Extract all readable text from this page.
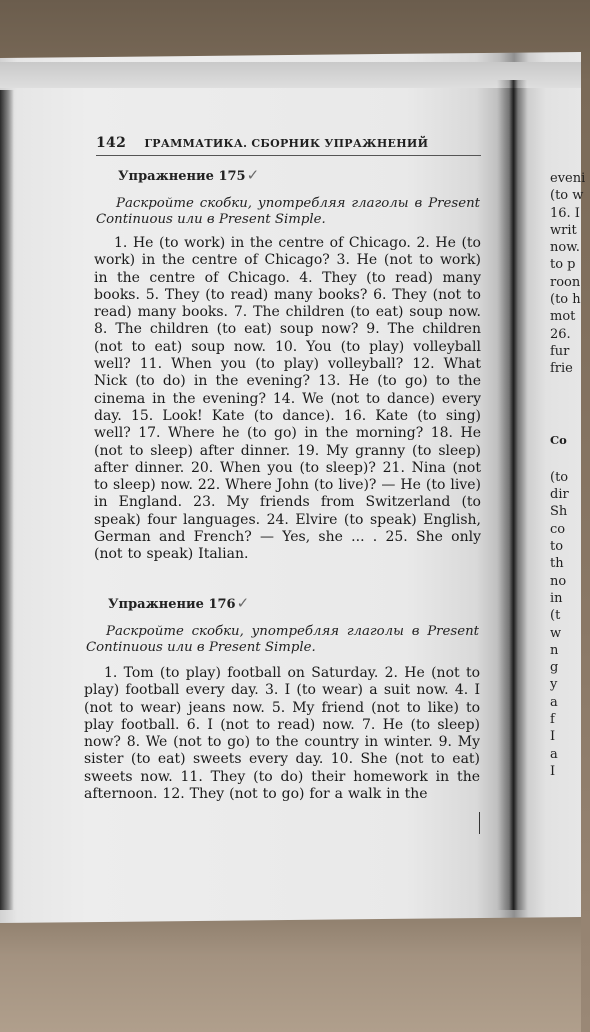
142 ГРАММАТИКА. СБОРНИК УПРАЖНЕНИЙ
Упражнение 175✓
Раскройте скобки, употребляя глаголы в Present Continuous или в Present Simple.
1. He (to work) in the centre of Chicago. 2. He (to work) in the centre of Chicago? 3. He (not to work) in the centre of Chicago. 4. They (to read) many books. 5. They (to read) many books? 6. They (not to read) many books. 7. The children (to eat) soup now. 8. The children (to eat) soup now? 9. The children (not to eat) soup now. 10. You (to play) volleyball well? 11. When you (to play) volleyball? 12. What Nick (to do) in the evening? 13. He (to go) to the cinema in the evening? 14. We (not to dance) every day. 15. Look! Kate (to dance). 16. Kate (to sing) well? 17. Where he (to go) in the morning? 18. He (not to sleep) after dinner. 19. My granny (to sleep) after dinner. 20. When you (to sleep)? 21. Nina (not to sleep) now. 22. Where John (to live)? — He (to live) in England. 23. My friends from Switzerland (to speak) four languages. 24. Elvire (to speak) English, German and French? — Yes, she ... . 25. She only (not to speak) Italian.
Упражнение 176✓
Раскройте скобки, употребляя глаголы в Present Continuous или в Present Simple.
1. Tom (to play) football on Saturday. 2. He (not to play) football every day. 3. I (to wear) a suit now. 4. I (not to wear) jeans now. 5. My friend (not to like) to play football. 6. I (not to read) now. 7. He (to sleep) now? 8. We (not to go) to the country in winter. 9. My sister (to eat) sweets every day. 10. She (not to eat) sweets now. 11. They (to do) their homework in the afternoon. 12. They (not to go) for a walk in the
eveni
(to w
16. I
writ
now.
to p
roon
(to h
mot
26.
fur
frie
Co
(to
dir
Sh
co
to
th
no
in
(t
w
n
g
y
a
f
I
a
I
